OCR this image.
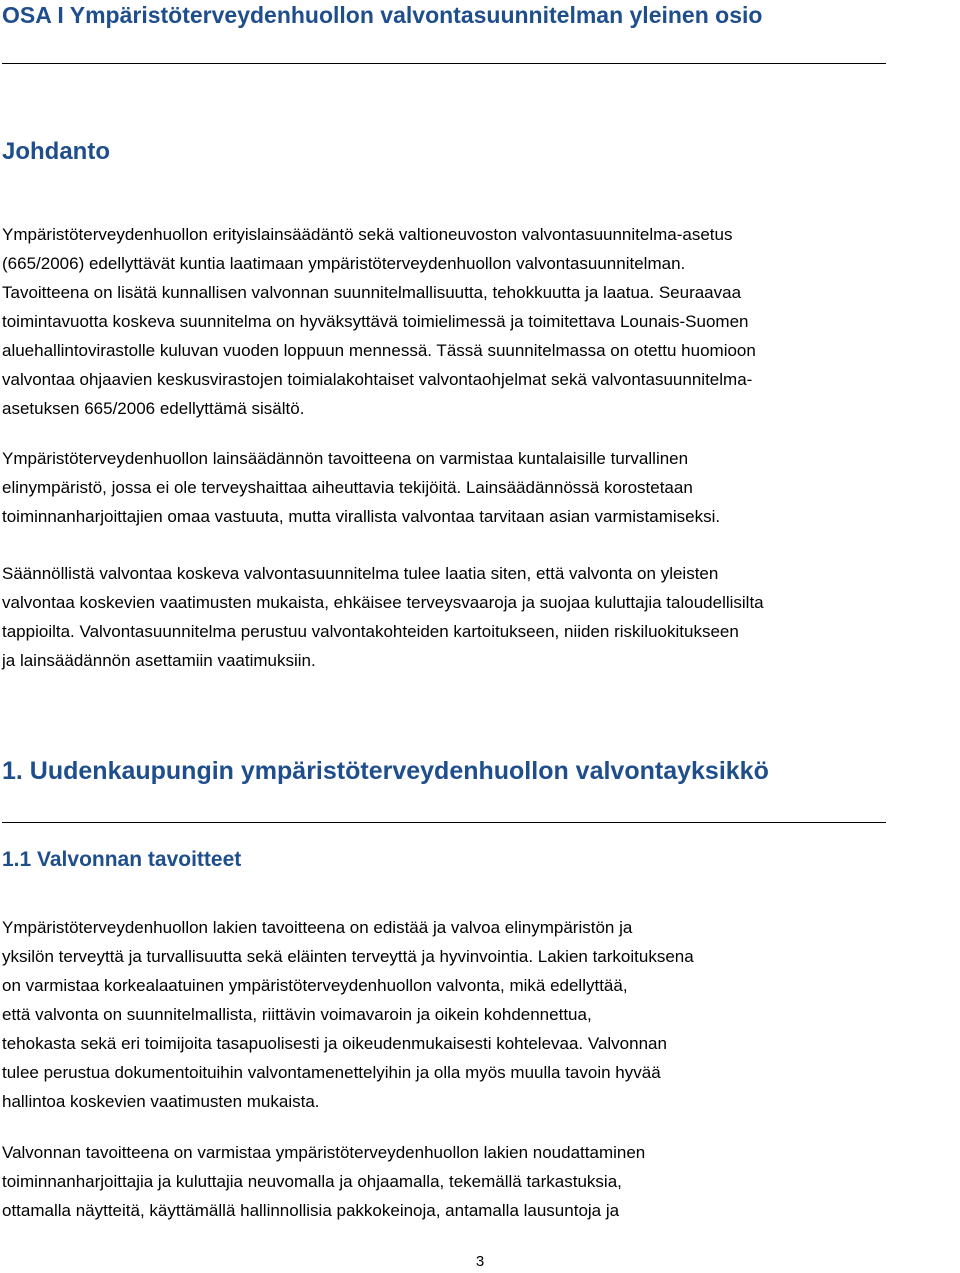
OSA I Ympäristöterveydenhuollon valvontasuunnitelman yleinen osio
Johdanto

Ympäristöterveydenhuollon erityislainsäädäntö sekä valtioneuvoston valvontasuunnitelma-asetus
(665/2006) edellyttävät kuntia laatimaan ympäristöterveydenhuollon valvontasuunnitelman.
Tavoitteena on lisätä kunnallisen valvonnan suunnitelmallisuutta, tehokkuutta ja laatua. Seuraavaa
toimintavuotta koskeva suunnitelma on hyväksyttävä toimielimessä ja toimitettava Lounais-Suomen
aluehallintovirastolle kuluvan vuoden loppuun mennessä. Tässä suunnitelmassa on otettu huomioon
valvontaa ohjaavien keskusvirastojen toimialakohtaiset valvontaohjelmat sekä valvontasuunnitelma-
asetuksen 665/2006 edellyttämä sisältö.

Ympäristöterveydenhuollon lainsäädännön tavoitteena on varmistaa kuntalaisille turvallinen
elinympäristö, jossa ei ole terveyshaittaa aiheuttavia tekijöitä. Lainsäädännössä korostetaan
toiminnanharjoittajien omaa vastuuta, mutta virallista valvontaa tarvitaan asian varmistamiseksi.

Säännöllistä valvontaa koskeva valvontasuunnitelma tulee laatia siten, että valvonta on yleisten
valvontaa koskevien vaatimusten mukaista, ehkäisee terveysvaaroja ja suojaa kuluttajia taloudellisilta
tappioilta. Valvontasuunnitelma perustuu valvontakohteiden kartoitukseen, niiden riskiluokitukseen
ja lainsäädännön asettamiin vaatimuksiin.

1. Uudenkaupungin ympäristöterveydenhuollon valvontayksikkö
1.1 Valvonnan tavoitteet

Ympäristöterveydenhuollon lakien tavoitteena on edistää ja valvoa elinympäristön ja
yksilön terveyttä ja turvallisuutta sekä eläinten terveyttä ja hyvinvointia. Lakien tarkoituksena
on varmistaa korkealaatuinen ympäristöterveydenhuollon valvonta, mikä edellyttää,
että valvonta on suunnitelmallista, riittävin voimavaroin ja oikein kohdennettua,
tehokasta sekä eri toimijoita tasapuolisesti ja oikeudenmukaisesti kohtelevaa. Valvonnan
tulee perustua dokumentoituihin valvontamenettelyihin ja olla myös muulla tavoin hyvää
hallintoa koskevien vaatimusten mukaista.

Valvonnan tavoitteena on varmistaa ympäristöterveydenhuollon lakien noudattaminen
toiminnanharjoittajia ja kuluttajia neuvomalla ja ohjaamalla, tekemällä tarkastuksia,
ottamalla näytteitä, käyttämällä hallinnollisia pakkokeinoja, antamalla lausuntoja ja

3
